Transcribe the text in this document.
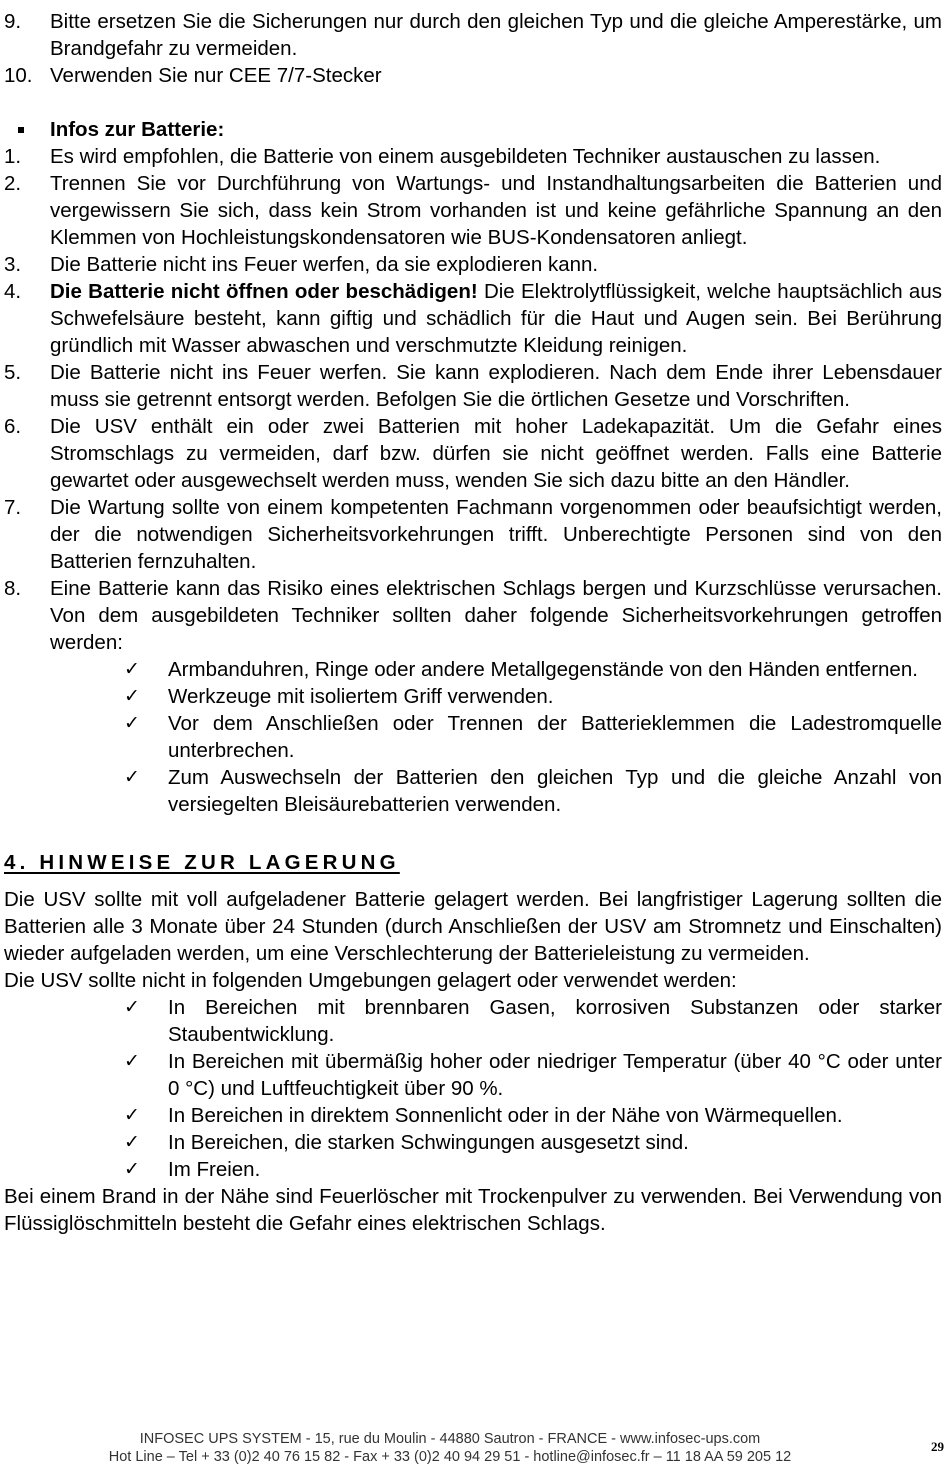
9. Bitte ersetzen Sie die Sicherungen nur durch den gleichen Typ und die gleiche Amperestärke, um Brandgefahr zu vermeiden.
10. Verwenden Sie nur CEE 7/7-Stecker
Infos zur Batterie:
1. Es wird empfohlen, die Batterie von einem ausgebildeten Techniker austauschen zu lassen.
2. Trennen Sie vor Durchführung von Wartungs- und Instandhaltungsarbeiten die Batterien und vergewissern Sie sich, dass kein Strom vorhanden ist und keine gefährliche Spannung an den Klemmen von Hochleistungskondensatoren wie BUS-Kondensatoren anliegt.
3. Die Batterie nicht ins Feuer werfen, da sie explodieren kann.
4. Die Batterie nicht öffnen oder beschädigen! Die Elektrolytflüssigkeit, welche hauptsächlich aus Schwefelsäure besteht, kann giftig und schädlich für die Haut und Augen sein. Bei Berührung gründlich mit Wasser abwaschen und verschmutzte Kleidung reinigen.
5. Die Batterie nicht ins Feuer werfen. Sie kann explodieren. Nach dem Ende ihrer Lebensdauer muss sie getrennt entsorgt werden. Befolgen Sie die örtlichen Gesetze und Vorschriften.
6. Die USV enthält ein oder zwei Batterien mit hoher Ladekapazität. Um die Gefahr eines Stromschlags zu vermeiden, darf bzw. dürfen sie nicht geöffnet werden. Falls eine Batterie gewartet oder ausgewechselt werden muss, wenden Sie sich dazu bitte an den Händler.
7. Die Wartung sollte von einem kompetenten Fachmann vorgenommen oder beaufsichtigt werden, der die notwendigen Sicherheitsvorkehrungen trifft. Unberechtigte Personen sind von den Batterien fernzuhalten.
8. Eine Batterie kann das Risiko eines elektrischen Schlags bergen und Kurzschlüsse verursachen. Von dem ausgebildeten Techniker sollten daher folgende Sicherheitsvorkehrungen getroffen werden:
✓ Armbanduhren, Ringe oder andere Metallgegenstände von den Händen entfernen.
✓ Werkzeuge mit isoliertem Griff verwenden.
✓ Vor dem Anschließen oder Trennen der Batterieklemmen die Ladestromquelle unterbrechen.
✓ Zum Auswechseln der Batterien den gleichen Typ und die gleiche Anzahl von versiegelten Bleisäurebatterien verwenden.
4. HINWEISE ZUR LAGERUNG
Die USV sollte mit voll aufgeladener Batterie gelagert werden. Bei langfristiger Lagerung sollten die Batterien alle 3 Monate über 24 Stunden (durch Anschließen der USV am Stromnetz und Einschalten) wieder aufgeladen werden, um eine Verschlechterung der Batterieleistung zu vermeiden.
Die USV sollte nicht in folgenden Umgebungen gelagert oder verwendet werden:
✓ In Bereichen mit brennbaren Gasen, korrosiven Substanzen oder starker Staubentwicklung.
✓ In Bereichen mit übermäßig hoher oder niedriger Temperatur (über 40 °C oder unter 0 °C) und Luftfeuchtigkeit über 90 %.
✓ In Bereichen in direktem Sonnenlicht oder in der Nähe von Wärmequellen.
✓ In Bereichen, die starken Schwingungen ausgesetzt sind.
✓ Im Freien.
Bei einem Brand in der Nähe sind Feuerlöscher mit Trockenpulver zu verwenden. Bei Verwendung von Flüssiglöschmitteln besteht die Gefahr eines elektrischen Schlags.
INFOSEC UPS SYSTEM - 15, rue du Moulin - 44880 Sautron - FRANCE - www.infosec-ups.com
Hot Line – Tel + 33 (0)2 40 76 15 82 - Fax + 33 (0)2 40 94 29 51 - hotline@infosec.fr – 11 18 AA 59 205 12
29
